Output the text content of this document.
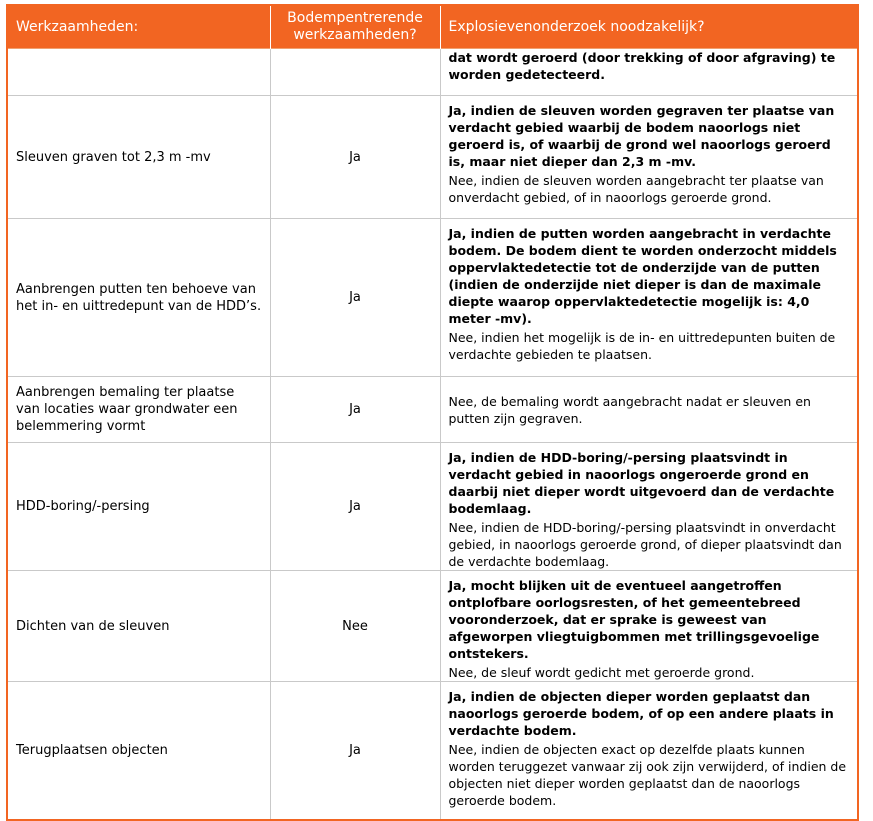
Werkzaamheden:	Bodempentrerende werkzaamheden?	Explosievenonderzoek noodzakelijk?

		dat wordt geroerd (door trekking of door afgraving) te worden gedetecteerd.

Sleuven graven tot 2,3 m -mv	Ja	Ja, indien de sleuven worden gegraven ter plaatse van verdacht gebied waarbij de bodem naoorlogs niet geroerd is, of waarbij de grond wel naoorlogs geroerd is, maar niet dieper dan 2,3 m -mv.
Nee, indien de sleuven worden aangebracht ter plaatse van onverdacht gebied, of in naoorlogs geroerde grond.

Aanbrengen putten ten behoeve van het in- en uittredepunt van de HDD’s.	Ja	Ja, indien de putten worden aangebracht in verdachte bodem. De bodem dient te worden onderzocht middels oppervlaktedetectie tot de onderzijde van de putten (indien de onderzijde niet dieper is dan de maximale diepte waarop oppervlaktedetectie mogelijk is: 4,0 meter -mv).
Nee, indien het mogelijk is de in- en uittredepunten buiten de verdachte gebieden te plaatsen.

Aanbrengen bemaling ter plaatse van locaties waar grondwater een belemmering vormt	Ja	Nee, de bemaling wordt aangebracht nadat er sleuven en putten zijn gegraven.

HDD-boring/-persing	Ja	Ja, indien de HDD-boring/-persing plaatsvindt in verdacht gebied in naoorlogs ongeroerde grond en daarbij niet dieper wordt uitgevoerd dan de verdachte bodemlaag.
Nee, indien de HDD-boring/-persing plaatsvindt in onverdacht gebied, in naoorlogs geroerde grond, of dieper plaatsvindt dan de verdachte bodemlaag.

Dichten van de sleuven	Nee	Ja, mocht blijken uit de eventueel aangetroffen ontplofbare oorlogsresten, of het gemeentebreed vooronderzoek, dat er sprake is geweest van afgeworpen vliegtuigbommen met trillingsgevoelige ontstekers.
Nee, de sleuf wordt gedicht met geroerde grond.

Terugplaatsen objecten	Ja	Ja, indien de objecten dieper worden geplaatst dan naoorlogs geroerde bodem, of op een andere plaats in verdachte bodem.
Nee, indien de objecten exact op dezelfde plaats kunnen worden teruggezet vanwaar zij ook zijn verwijderd, of indien de objecten niet dieper worden geplaatst dan de naoorlogs geroerde bodem.
